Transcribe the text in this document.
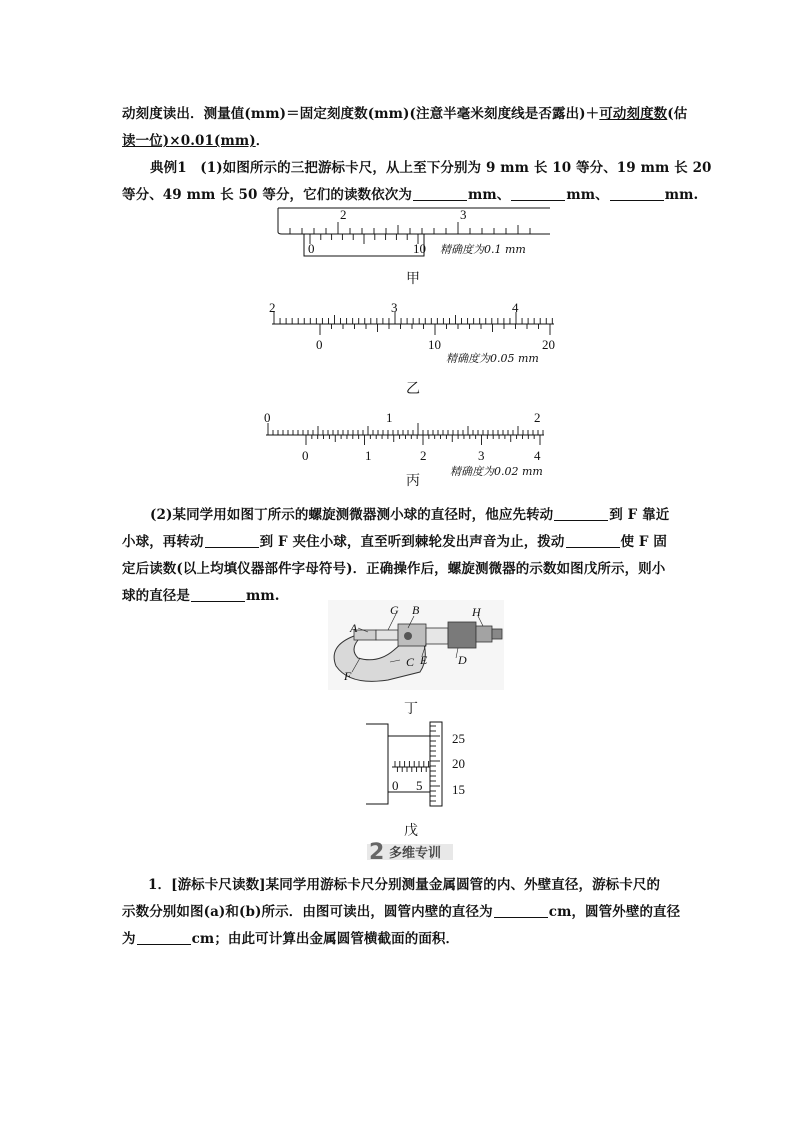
动刻度读出．测量值(mm)＝固定刻度数(mm)(注意半毫米刻度线是否露出)＋可动刻度数(估
读一位)×0.01(mm)．
典例1　(1)如图所示的三把游标卡尺，从上至下分别为 9 mm 长 10 等分、19 mm 长 20
等分、49 mm 长 50 等分，它们的读数依次为	mm、	mm、	mm.
2	3
0	10 精确度为0.1 mm
甲
2	3	4
0	10	20
精确度为0.05 mm
乙
0	1	2
0	1	2	3	4
精确度为0.02 mm
丙
(2)某同学用如图丁所示的螺旋测微器测小球的直径时，他应先转动	到 F 靠近
小球，再转动	到 F 夹住小球，直至听到棘轮发出声音为止，拨动	使 F 固
定后读数(以上均填仪器部件字母符号)．正确操作后，螺旋测微器的示数如图戊所示，则小
球的直径是	mm.
A
G B	H
F
C E	D
丁
0 5
25
20
15
戊
2 多维专训
1．[游标卡尺读数]某同学用游标卡尺分别测量金属圆管的内、外壁直径，游标卡尺的
示数分别如图(a)和(b)所示．由图可读出，圆管内壁的直径为	cm，圆管外壁的直径
为	cm；由此可计算出金属圆管横截面的面积．
